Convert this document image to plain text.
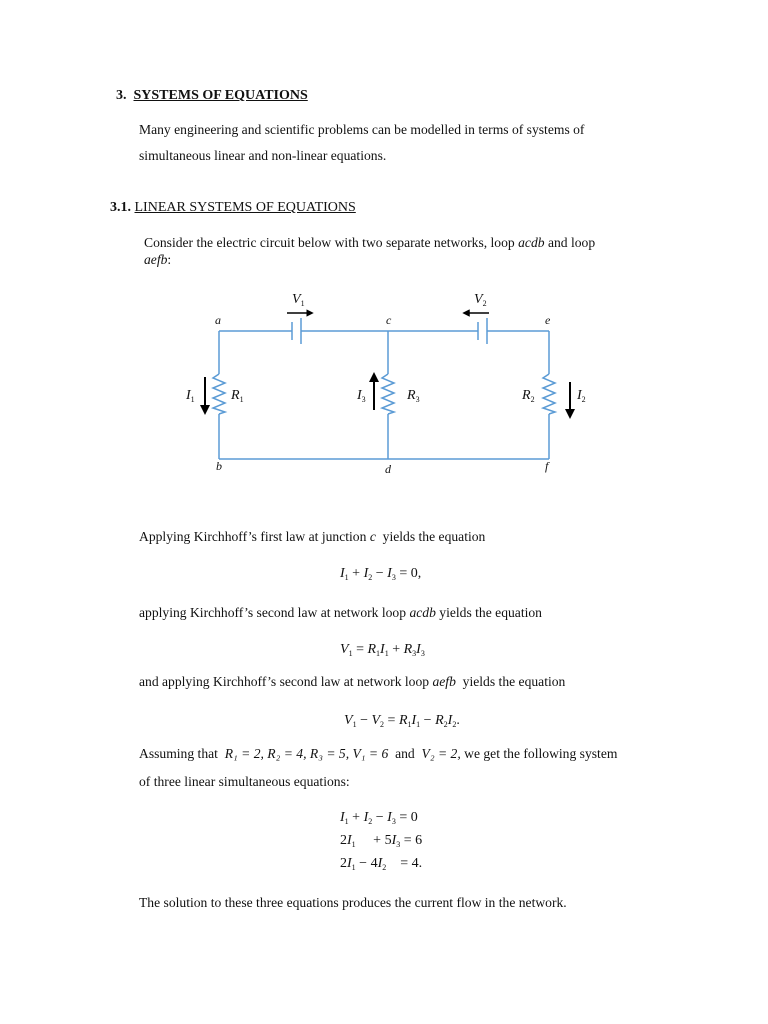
3. SYSTEMS OF EQUATIONS
Many engineering and scientific problems can be modelled in terms of systems of
simultaneous linear and non-linear equations.
3.1. LINEAR SYSTEMS OF EQUATIONS
Consider the electric circuit below with two separate networks, loop acdb and loop
aefb:
a	c	e
b	d	f
$V_1$	$V_2$
$R_1$	$R_3$	$R_2$
$I_1$	$I_3$	$I_2$
Applying Kirchhoff’s first law at junction c yields the equation
$I_1 + I_2 - I_3 = 0$,
applying Kirchhoff’s second law at network loop acdb yields the equation
$V_1 = R_1I_1 + R_3I_3$
and applying Kirchhoff’s second law at network loop aefb yields the equation
$V_1 - V_2 = R_1I_1 - R_2I_2$.
Assuming that R₁ = 2, R₂ = 4, R₃ = 5, V₁ = 6 and V₂ = 2, we get the following system
of three linear simultaneous equations:
$I_1 + I_2 - I_3 = 0$
$2I_1$     + $5I_3 = 6$
$2I_1 - 4I_2 = 4$.
The solution to these three equations produces the current flow in the network.
